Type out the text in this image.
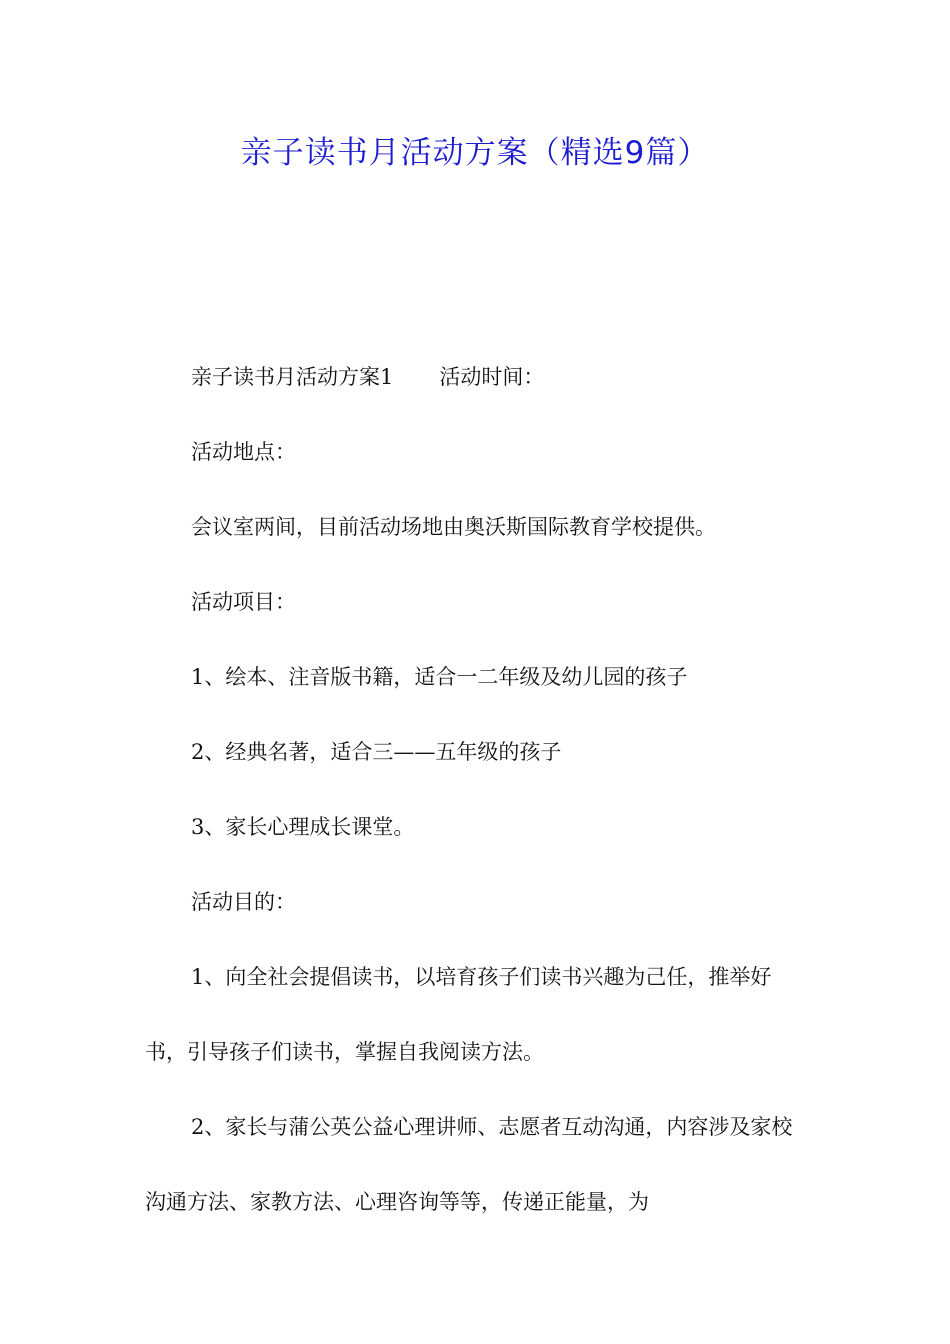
亲子读书月活动方案（精选9篇）

亲子读书月活动方案1 活动时间：

活动地点：

会议室两间，目前活动场地由奥沃斯国际教育学校提供。

活动项目：

1、绘本、注音版书籍，适合一二年级及幼儿园的孩子

2、经典名著，适合三——五年级的孩子

3、家长心理成长课堂。

活动目的：

1、向全社会提倡读书，以培育孩子们读书兴趣为己任，推举好书，引导孩子们读书，掌握自我阅读方法。

2、家长与蒲公英公益心理讲师、志愿者互动沟通，内容涉及家校沟通方法、家教方法、心理咨询等等，传递正能量，为
